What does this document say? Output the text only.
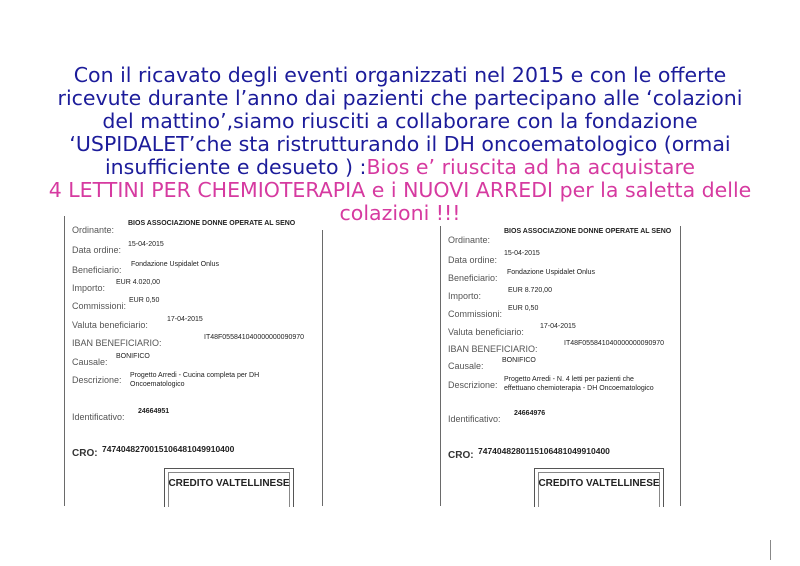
Con il ricavato degli eventi organizzati nel 2015 e con le offerte ricevute durante l’anno dai pazienti che partecipano alle ‘colazioni del mattino’,siamo riusciti a collaborare con la fondazione ‘USPIDALET’che sta ristrutturando il DH oncoematologico (ormai insufficiente e desueto ) :Bios e’ riuscita ad ha acquistare
4 LETTINI PER CHEMIOTERAPIA e i NUOVI ARREDI per la saletta delle colazioni !!!
Ordinante:
BIOS ASSOCIAZIONE DONNE OPERATE AL SENO
Data ordine:
15-04-2015
Beneficiario:
Fondazione Uspidalet Onlus
Importo:
EUR 4.020,00
Commissioni:
EUR 0,50
Valuta beneficiario:
17-04-2015
IBAN BENEFICIARIO:
IT48F055841040000000090970
Causale:
BONIFICO
Descrizione: Progetto Arredi - Cucina completa per DH
Oncoematologico
Identificativo:
24664951
CRO: 747404827001510648104991040​0
CREDITO VALTELLINESE
Ordinante:
BIOS ASSOCIAZIONE DONNE OPERATE AL SENO
Data ordine:
15-04-2015
Beneficiario:
Fondazione Uspidalet Onlus
Importo:
EUR 8.720,00
Commissioni:
EUR 0,50
Valuta beneficiario:
17-04-2015
IBAN BENEFICIARIO:
IT48F055841040000000090970
Causale:
BONIFICO
Descrizione:
Progetto Arredi - N. 4 letti per pazienti che
effettuano chemioterapia - DH Oncoematologico
Identificativo:
24664976
CRO: 747404828011510648104991040​0
CREDITO VALTELLINESE
